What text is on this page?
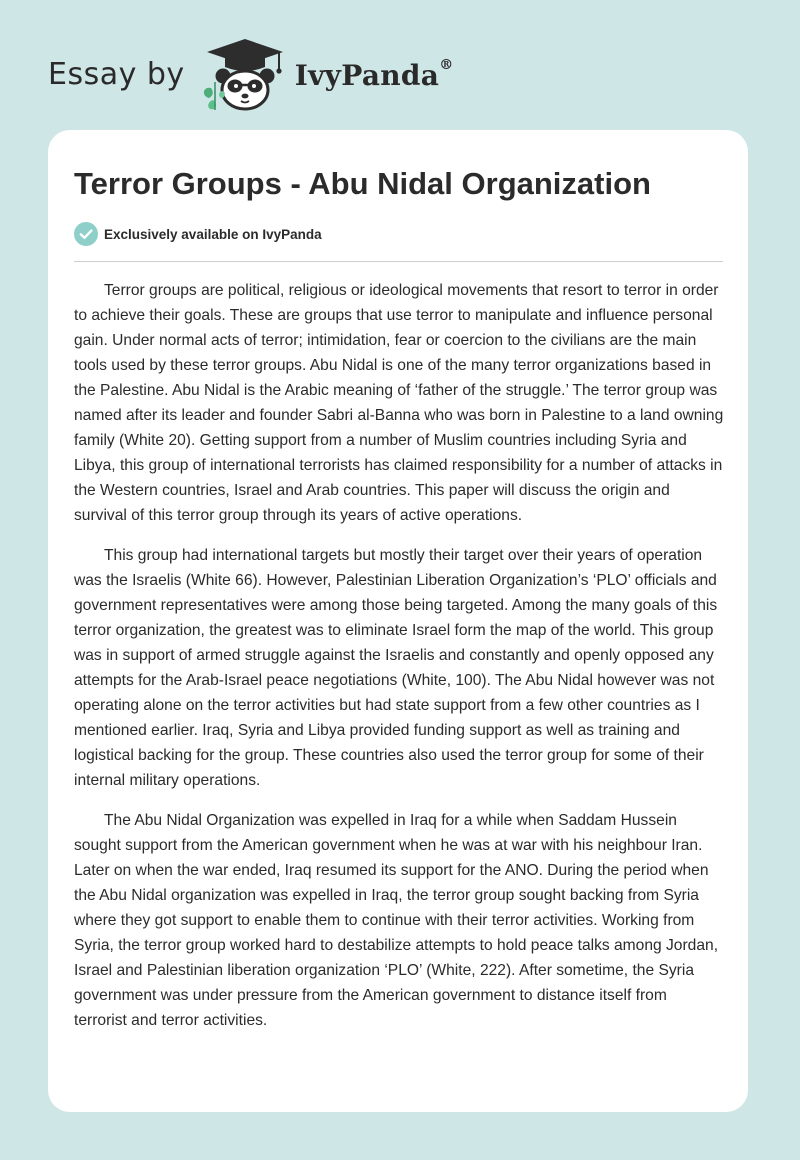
Essay by	IvyPanda®
Terror Groups - Abu Nidal Organization
Exclusively available on IvyPanda

Terror groups are political, religious or ideological movements that resort to terror in order to achieve their goals. These are groups that use terror to manipulate and influence personal gain. Under normal acts of terror; intimidation, fear or coercion to the civilians are the main tools used by these terror groups. Abu Nidal is one of the many terror organizations based in the Palestine. Abu Nidal is the Arabic meaning of ‘father of the struggle.’ The terror group was named after its leader and founder Sabri al-Banna who was born in Palestine to a land owning family (White 20). Getting support from a number of Muslim countries including Syria and Libya, this group of international terrorists has claimed responsibility for a number of attacks in the Western countries, Israel and Arab countries. This paper will discuss the origin and survival of this terror group through its years of active operations.

This group had international targets but mostly their target over their years of operation was the Israelis (White 66). However, Palestinian Liberation Organization’s ‘PLO’ officials and government representatives were among those being targeted. Among the many goals of this terror organization, the greatest was to eliminate Israel form the map of the world. This group was in support of armed struggle against the Israelis and constantly and openly opposed any attempts for the Arab-Israel peace negotiations (White, 100). The Abu Nidal however was not operating alone on the terror activities but had state support from a few other countries as I mentioned earlier. Iraq, Syria and Libya provided funding support as well as training and logistical backing for the group. These countries also used the terror group for some of their internal military operations.

The Abu Nidal Organization was expelled in Iraq for a while when Saddam Hussein sought support from the American government when he was at war with his neighbour Iran. Later on when the war ended, Iraq resumed its support for the ANO. During the period when the Abu Nidal organization was expelled in Iraq, the terror group sought backing from Syria where they got support to enable them to continue with their terror activities. Working from Syria, the terror group worked hard to destabilize attempts to hold peace talks among Jordan, Israel and Palestinian liberation organization ‘PLO’ (White, 222). After sometime, the Syria government was under pressure from the American government to distance itself from terrorist and terror activities.
